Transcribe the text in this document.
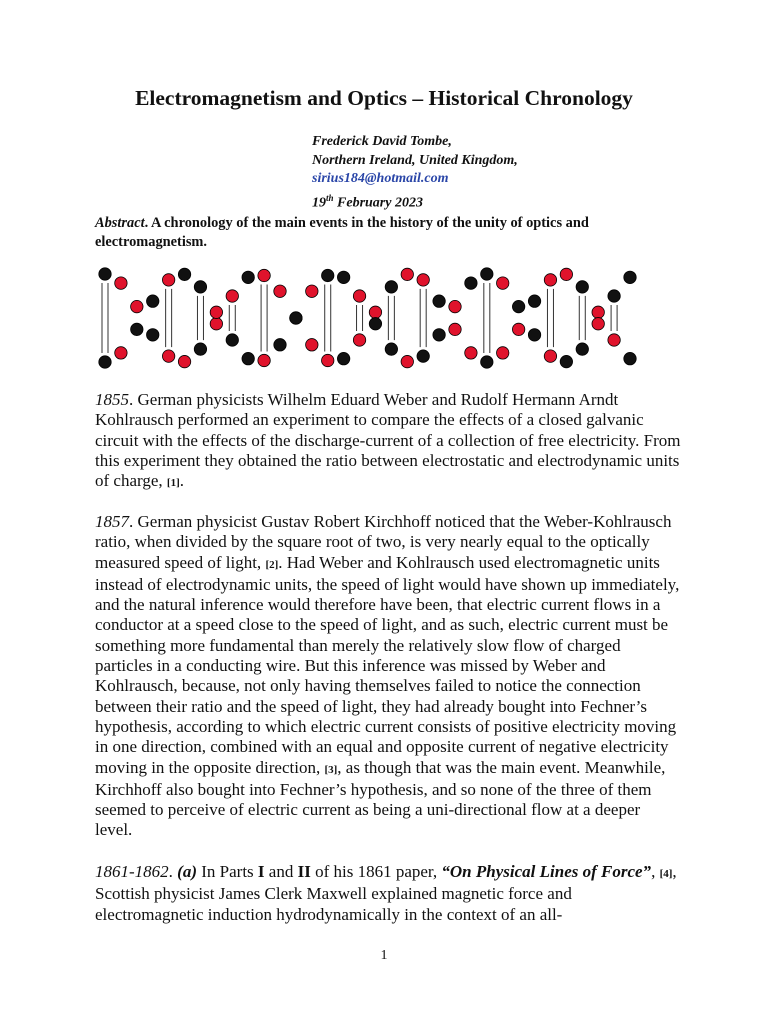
Electromagnetism and Optics – Historical Chronology
Frederick David Tombe,
Northern Ireland, United Kingdom,
sirius184@hotmail.com
19th February 2023

Abstract. A chronology of the main events in the history of the unity of optics and electromagnetism.

1855. German physicists Wilhelm Eduard Weber and Rudolf Hermann Arndt Kohlrausch performed an experiment to compare the effects of a closed galvanic circuit with the effects of the discharge-current of a collection of free electricity. From this experiment they obtained the ratio between electrostatic and electrodynamic units of charge, [1].

1857. German physicist Gustav Robert Kirchhoff noticed that the Weber-Kohlrausch ratio, when divided by the square root of two, is very nearly equal to the optically measured speed of light, [2]. Had Weber and Kohlrausch used electromagnetic units instead of electrodynamic units, the speed of light would have shown up immediately, and the natural inference would therefore have been, that electric current flows in a conductor at a speed close to the speed of light, and as such, electric current must be something more fundamental than merely the relatively slow flow of charged particles in a conducting wire. But this inference was missed by Weber and Kohlrausch, because, not only having themselves failed to notice the connection between their ratio and the speed of light, they had already bought into Fechner’s hypothesis, according to which electric current consists of positive electricity moving in one direction, combined with an equal and opposite current of negative electricity moving in the opposite direction, [3], as though that was the main event. Meanwhile, Kirchhoff also bought into Fechner’s hypothesis, and so none of the three of them seemed to perceive of electric current as being a uni-directional flow at a deeper level.

1861-1862. (a) In Parts I and II of his 1861 paper, “On Physical Lines of Force”, [4], Scottish physicist James Clerk Maxwell explained magnetic force and electromagnetic induction hydrodynamically in the context of an all-

1
